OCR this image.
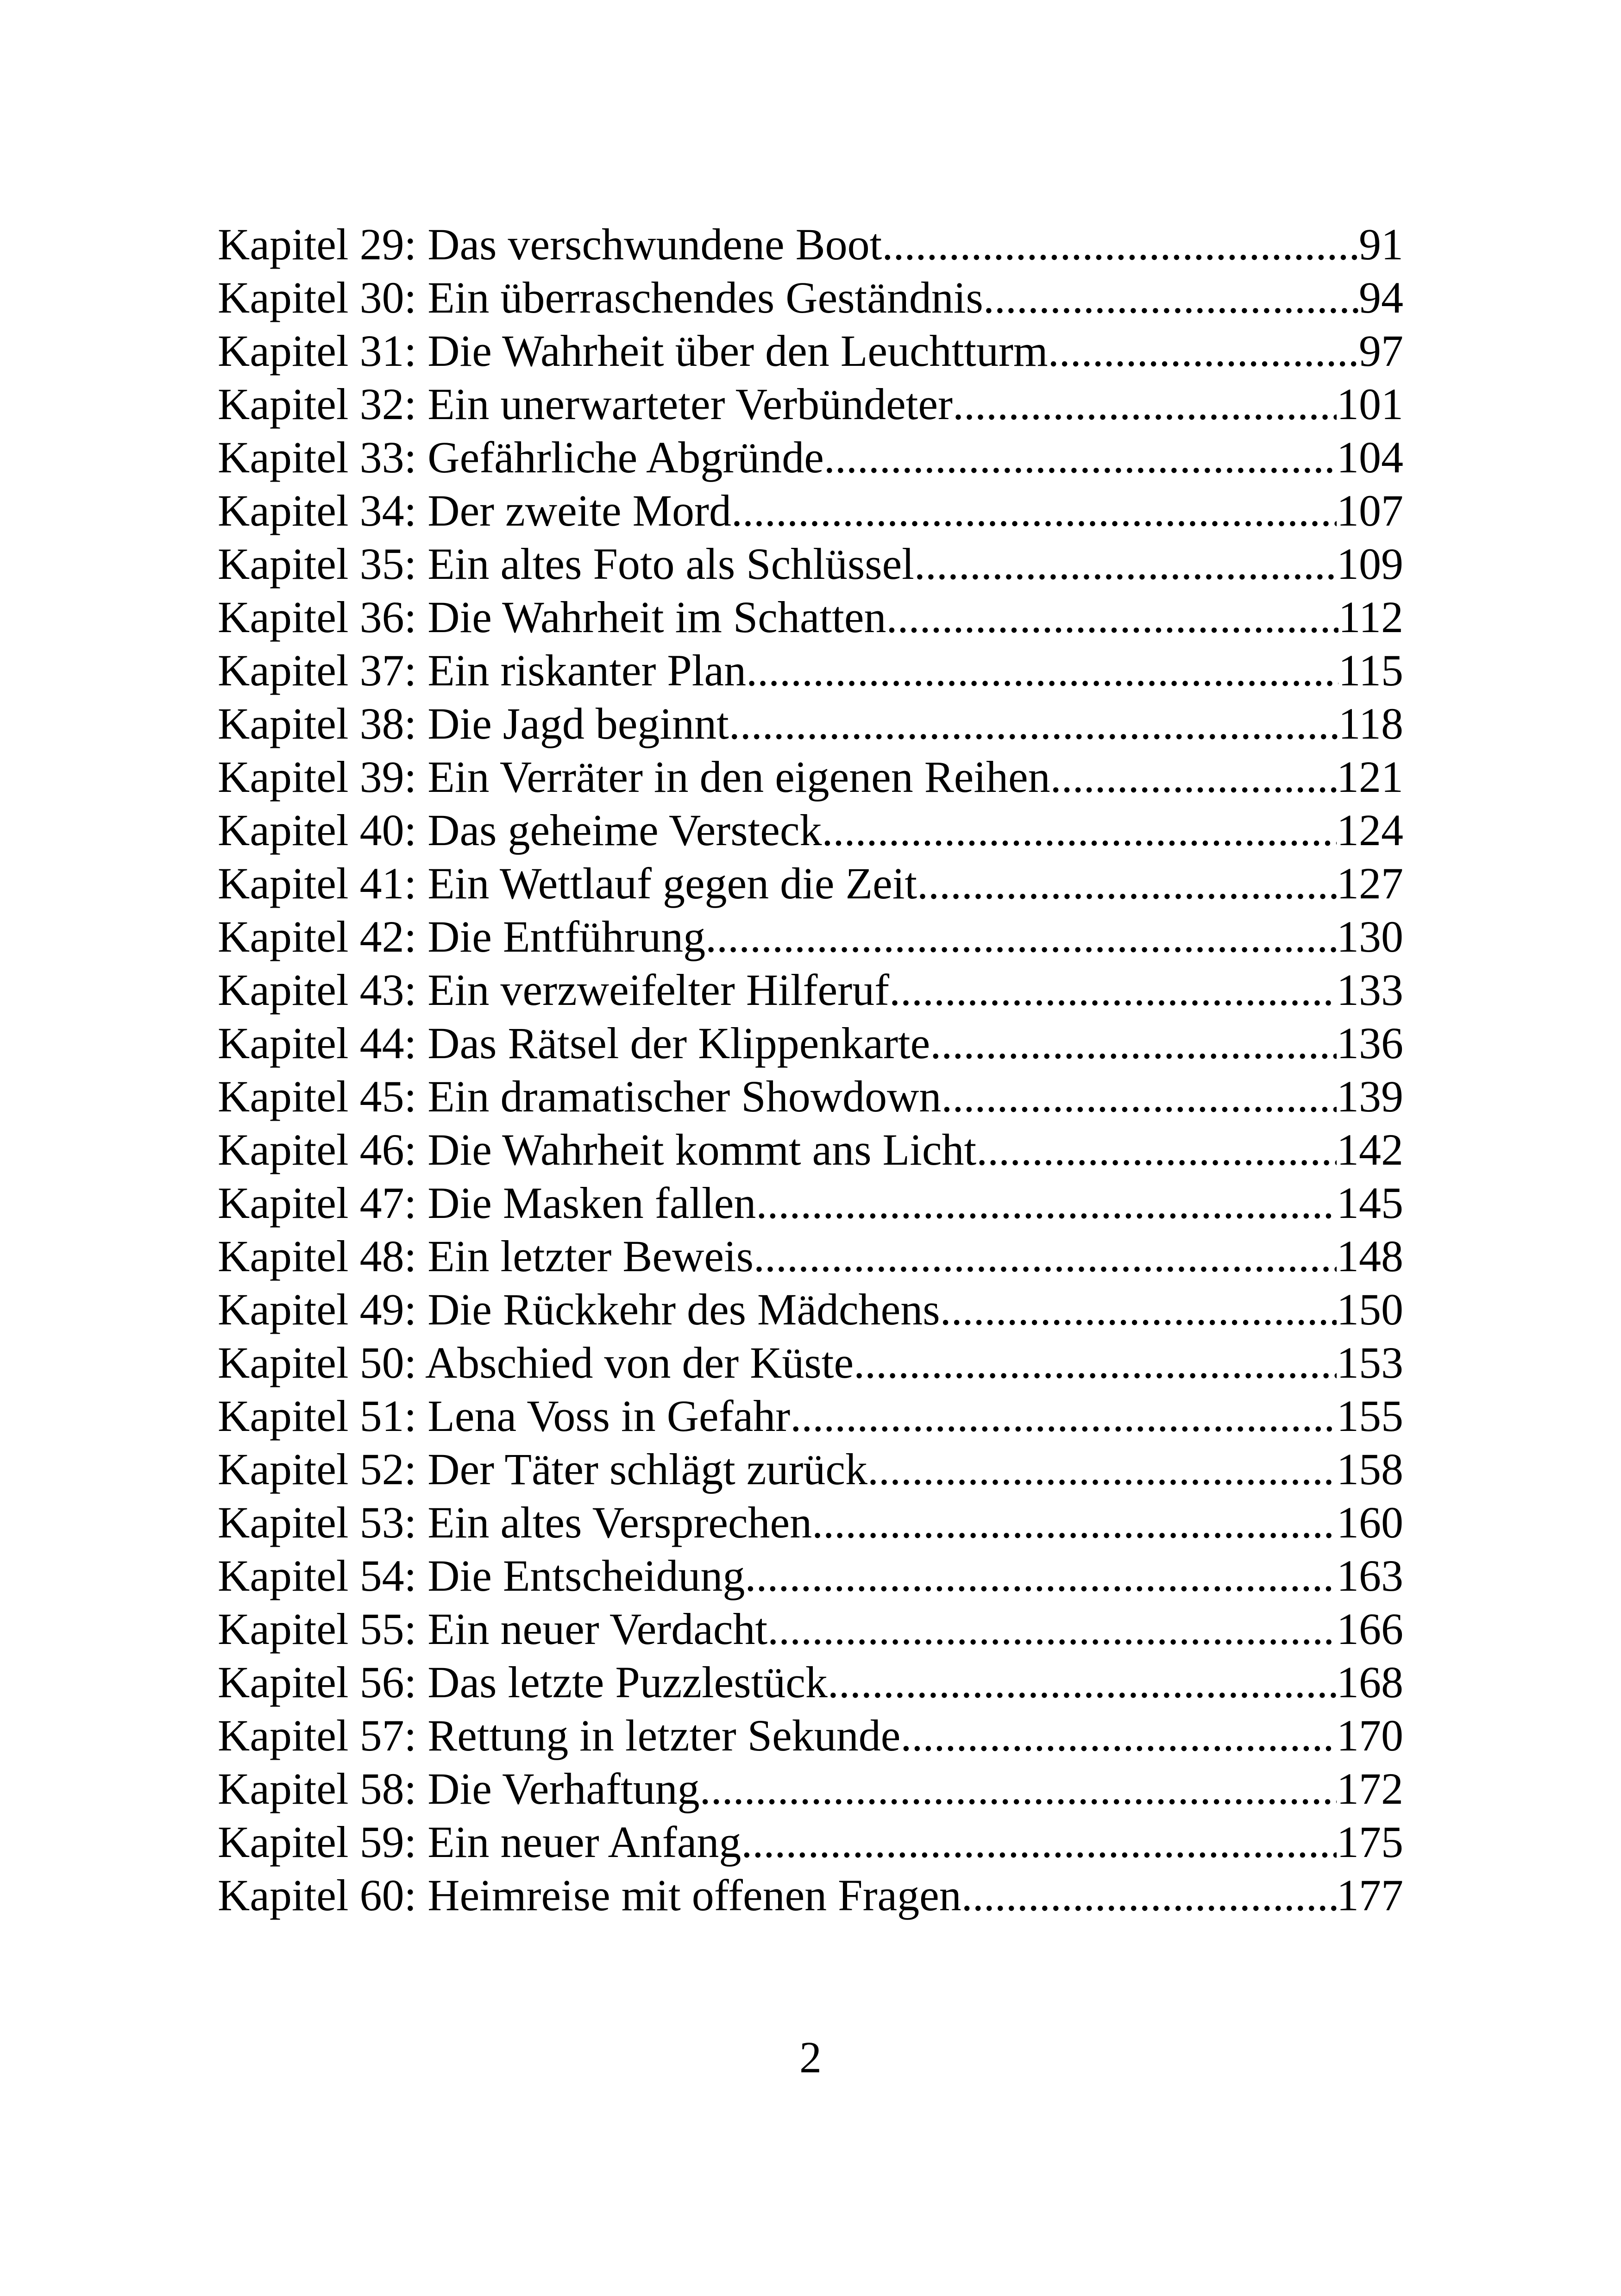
Kapitel 29: Das verschwundene Boot .....	91
Kapitel 30: Ein überraschendes Geständnis .....	94
Kapitel 31: Die Wahrheit über den Leuchtturm .....	97
Kapitel 32: Ein unerwarteter Verbündeter .....	101
Kapitel 33: Gefährliche Abgründe .....	104
Kapitel 34: Der zweite Mord .....	107
Kapitel 35: Ein altes Foto als Schlüssel .....	109
Kapitel 36: Die Wahrheit im Schatten .....	112
Kapitel 37: Ein riskanter Plan .....	115
Kapitel 38: Die Jagd beginnt .....	118
Kapitel 39: Ein Verräter in den eigenen Reihen .....	121
Kapitel 40: Das geheime Versteck .....	124
Kapitel 41: Ein Wettlauf gegen die Zeit .....	127
Kapitel 42: Die Entführung .....	130
Kapitel 43: Ein verzweifelter Hilferuf .....	133
Kapitel 44: Das Rätsel der Klippenkarte .....	136
Kapitel 45: Ein dramatischer Showdown .....	139
Kapitel 46: Die Wahrheit kommt ans Licht .....	142
Kapitel 47: Die Masken fallen .....	145
Kapitel 48: Ein letzter Beweis .....	148
Kapitel 49: Die Rückkehr des Mädchens .....	150
Kapitel 50: Abschied von der Küste .....	153
Kapitel 51: Lena Voss in Gefahr .....	155
Kapitel 52: Der Täter schlägt zurück .....	158
Kapitel 53: Ein altes Versprechen .....	160
Kapitel 54: Die Entscheidung .....	163
Kapitel 55: Ein neuer Verdacht .....	166
Kapitel 56: Das letzte Puzzlestück .....	168
Kapitel 57: Rettung in letzter Sekunde .....	170
Kapitel 58: Die Verhaftung .....	172
Kapitel 59: Ein neuer Anfang .....	175
Kapitel 60: Heimreise mit offenen Fragen .....	177
2
